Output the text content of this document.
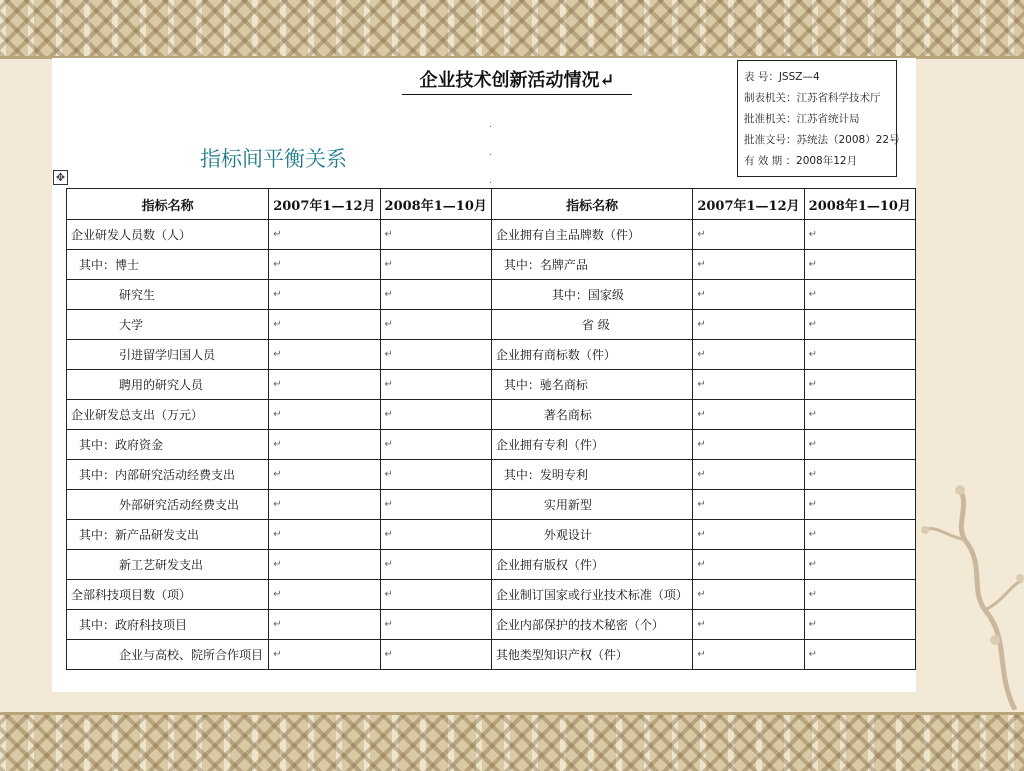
企业技术创新活动情况↵
.
.
.
指标间平衡关系
✥
表 号：JSSZ—4
制表机关：江苏省科学技术厅
批准机关：江苏省统计局
批准文号：苏统法（2008）22号
有 效 期 ：2008年12月
指标名称	2007年1—12月	2008年1—10月	指标名称	2007年1—12月	2008年1—10月
企业研发人员数（人）	↵	↵	企业拥有自主品牌数（件）	↵	↵
其中：博士	↵	↵	其中：名牌产品	↵	↵
研究生	↵	↵	其中：国家级	↵	↵
大学	↵	↵	省 级	↵	↵
引进留学归国人员	↵	↵	企业拥有商标数（件）	↵	↵
聘用的研究人员	↵	↵	其中：驰名商标	↵	↵
企业研发总支出（万元）	↵	↵	著名商标	↵	↵
其中：政府资金	↵	↵	企业拥有专利（件）	↵	↵
其中：内部研究活动经费支出	↵	↵	其中：发明专利	↵	↵
外部研究活动经费支出	↵	↵	实用新型	↵	↵
其中：新产品研发支出	↵	↵	外观设计	↵	↵
新工艺研发支出	↵	↵	企业拥有版权（件）	↵	↵
全部科技项目数（项）	↵	↵	企业制订国家或行业技术标准（项）	↵	↵
其中：政府科技项目	↵	↵	企业内部保护的技术秘密（个）	↵	↵
企业与高校、院所合作项目	↵	↵	其他类型知识产权（件）	↵	↵
